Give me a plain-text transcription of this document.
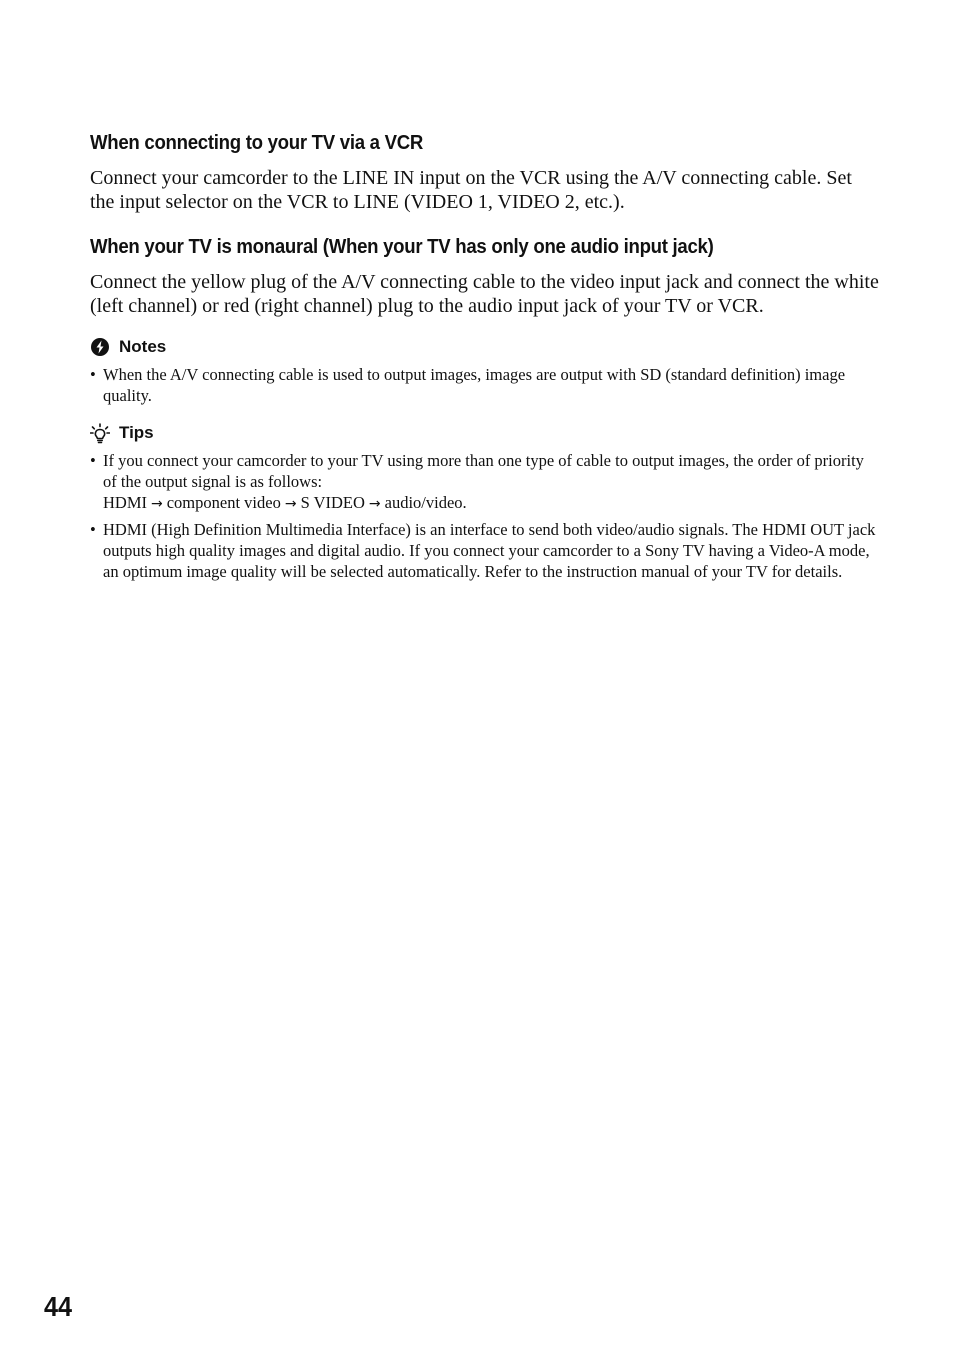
When connecting to your TV via a VCR

Connect your camcorder to the LINE IN input on the VCR using the A/V connecting cable. Set the input selector on the VCR to LINE (VIDEO 1, VIDEO 2, etc.).

When your TV is monaural (When your TV has only one audio input jack)

Connect the yellow plug of the A/V connecting cable to the video input jack and connect the white (left channel) or red (right channel) plug to the audio input jack of your TV or VCR.

Notes
• When the A/V connecting cable is used to output images, images are output with SD (standard definition) image quality.
Tips
• If you connect your camcorder to your TV using more than one type of cable to output images, the order of priority of the output signal is as follows:
HDMI → component video → S VIDEO → audio/video.
• HDMI (High Definition Multimedia Interface) is an interface to send both video/audio signals. The HDMI OUT jack outputs high quality images and digital audio. If you connect your camcorder to a Sony TV having a Video-A mode, an optimum image quality will be selected automatically. Refer to the instruction manual of your TV for details.
44
